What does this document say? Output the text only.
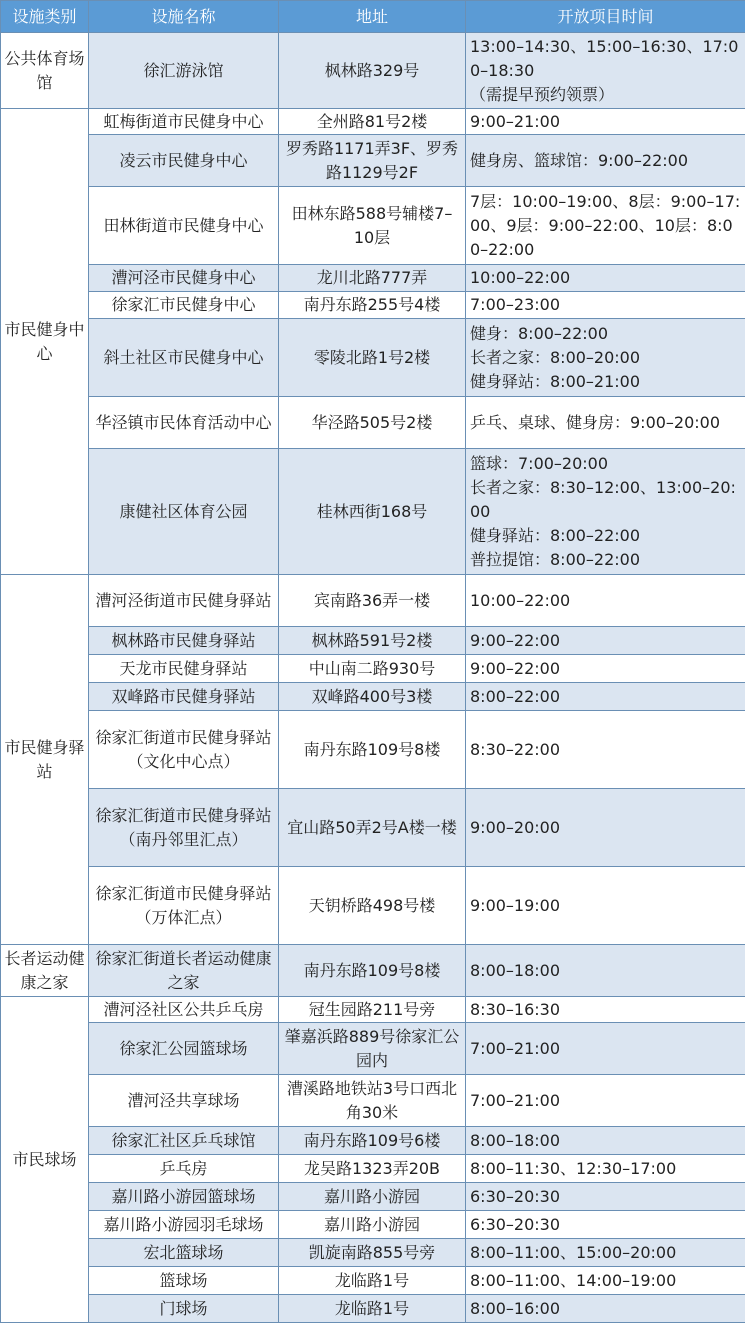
设施类别	设施名称	地址	开放项目时间
公共体育场馆	徐汇游泳馆	枫林路329号	13:00–14:30、15:00–16:30、17:00–18:30
（需提早预约领票）

市民健身中心	虹梅街道市民健身中心	全州路81号2楼	9:00–21:00

	凌云市民健身中心	罗秀路1171弄3F、罗秀路1129号2F	健身房、篮球馆：9:00–22:00

	田林街道市民健身中心	田林东路588号辅楼7–10层	7层：10:00–19:00、8层：9:00–17:00、9层：9:00–22:00、10层：8:00–22:00

	漕河泾市民健身中心	龙川北路777弄	10:00–22:00

	徐家汇市民健身中心	南丹东路255号4楼	7:00–23:00

	斜土社区市民健身中心	零陵北路1号2楼	健身：8:00–22:00
长者之家：8:00–20:00
健身驿站：8:00–21:00

	华泾镇市民体育活动中心	华泾路505号2楼	乒乓、桌球、健身房：9:00–20:00

	康健社区体育公园	桂林西街168号	篮球：7:00–20:00
长者之家：8:30–12:00、13:00–20:00
健身驿站：8:00–22:00
普拉提馆：8:00–22:00

市民健身驿站	漕河泾街道市民健身驿站	宾南路36弄一楼	10:00–22:00

	枫林路市民健身驿站	枫林路591号2楼	9:00–22:00

	天龙市民健身驿站	中山南二路930号	9:00–22:00

	双峰路市民健身驿站	双峰路400号3楼	8:00–22:00

	徐家汇街道市民健身驿站
（文化中心点）	南丹东路109号8楼	8:30–22:00

	徐家汇街道市民健身驿站
（南丹邻里汇点）	宜山路50弄2号A楼一楼	9:00–20:00

	徐家汇街道市民健身驿站
（万体汇点）	天钥桥路498号楼	9:00–19:00

长者运动健康之家	徐家汇街道长者运动健康之家	南丹东路109号8楼	8:00–18:00

市民球场	漕河泾社区公共乒乓房	冠生园路211号旁	8:30–16:30

	徐家汇公园篮球场	肇嘉浜路889号徐家汇公园内	7:00–21:00

	漕河泾共享球场	漕溪路地铁站3号口西北角30米	7:00–21:00

	徐家汇社区乒乓球馆	南丹东路109号6楼	8:00–18:00

	乒乓房	龙吴路1323弄20B	8:00–11:30、12:30–17:00

	嘉川路小游园篮球场	嘉川路小游园	6:30–20:30

	嘉川路小游园羽毛球场	嘉川路小游园	6:30–20:30

	宏北篮球场	凯旋南路855号旁	8:00–11:00、15:00–20:00

	篮球场	龙临路1号	8:00–11:00、14:00–19:00

	门球场	龙临路1号	8:00–16:00
